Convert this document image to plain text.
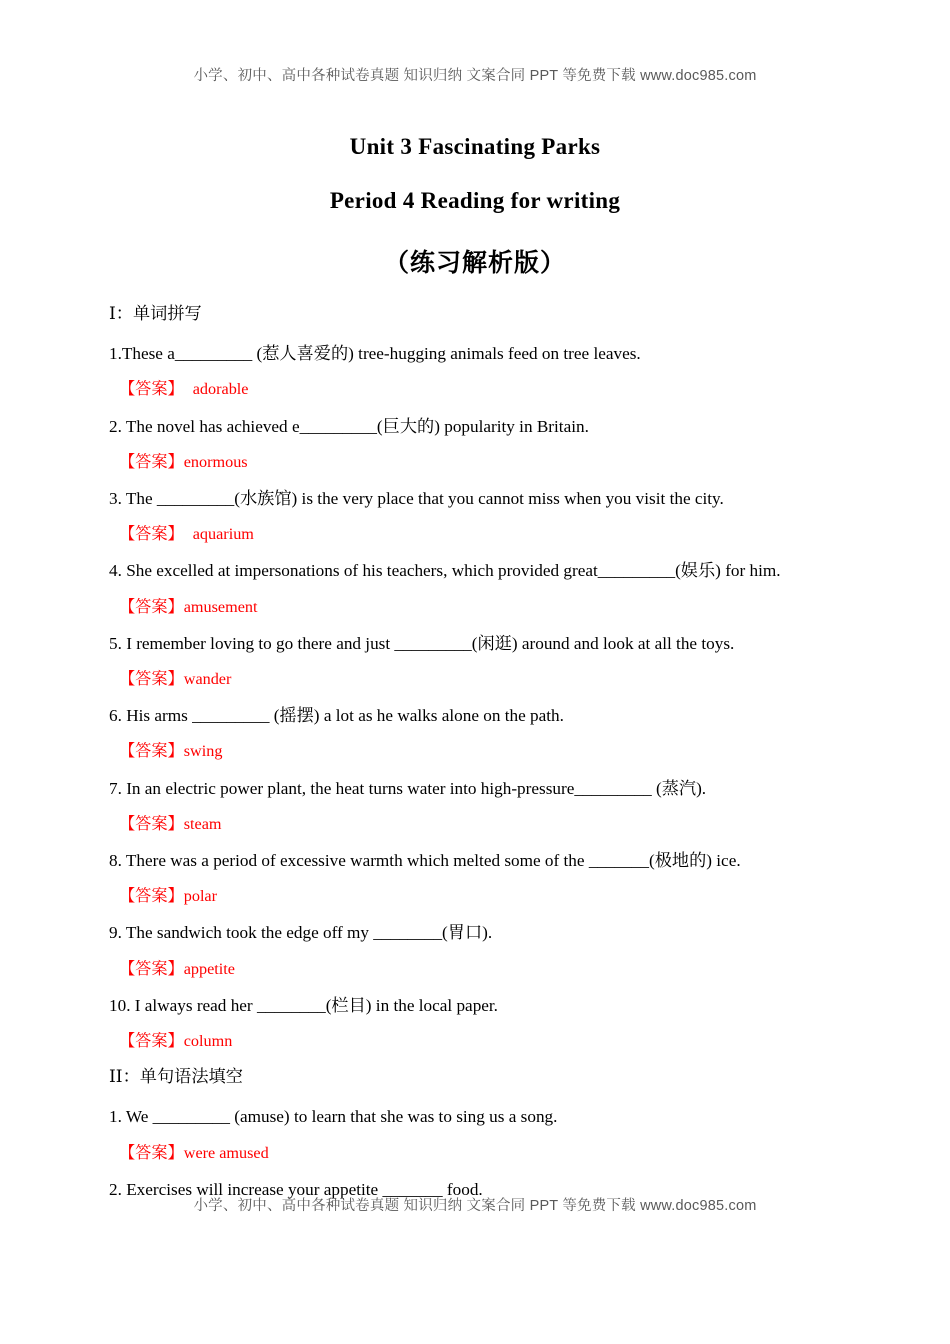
小学、初中、高中各种试卷真题 知识归纳 文案合同 PPT 等免费下载 www.doc985.com
Unit 3 Fascinating Parks
Period 4 Reading for writing
（练习解析版）
I：单词拼写
1.These a_________ (惹人喜爱的) tree-hugging animals feed on tree leaves.
【答案】 adorable
2. The novel has achieved e_________(巨大的) popularity in Britain.
【答案】enormous
3. The _________(水族馆) is the very place that you cannot miss when you visit the city.
【答案】 aquarium
4. She excelled at impersonations of his teachers, which provided great_________(娱乐) for him.
【答案】amusement
5. I remember loving to go there and just _________(闲逛) around and look at all the toys.
【答案】wander
6. His arms _________ (摇摆) a lot as he walks alone on the path.
【答案】swing
7. In an electric power plant, the heat turns water into high-pressure_________ (蒸汽).
【答案】steam
8. There was a period of excessive warmth which melted some of the _______(极地的) ice.
【答案】polar
9. The sandwich took the edge off my ________(胃口).
【答案】appetite
10. I always read her ________(栏目) in the local paper.
【答案】column
II：单句语法填空
1. We _________ (amuse) to learn that she was to sing us a song.
【答案】were amused
2. Exercises will increase your appetite _______ food.
小学、初中、高中各种试卷真题 知识归纳 文案合同 PPT 等免费下载 www.doc985.com
